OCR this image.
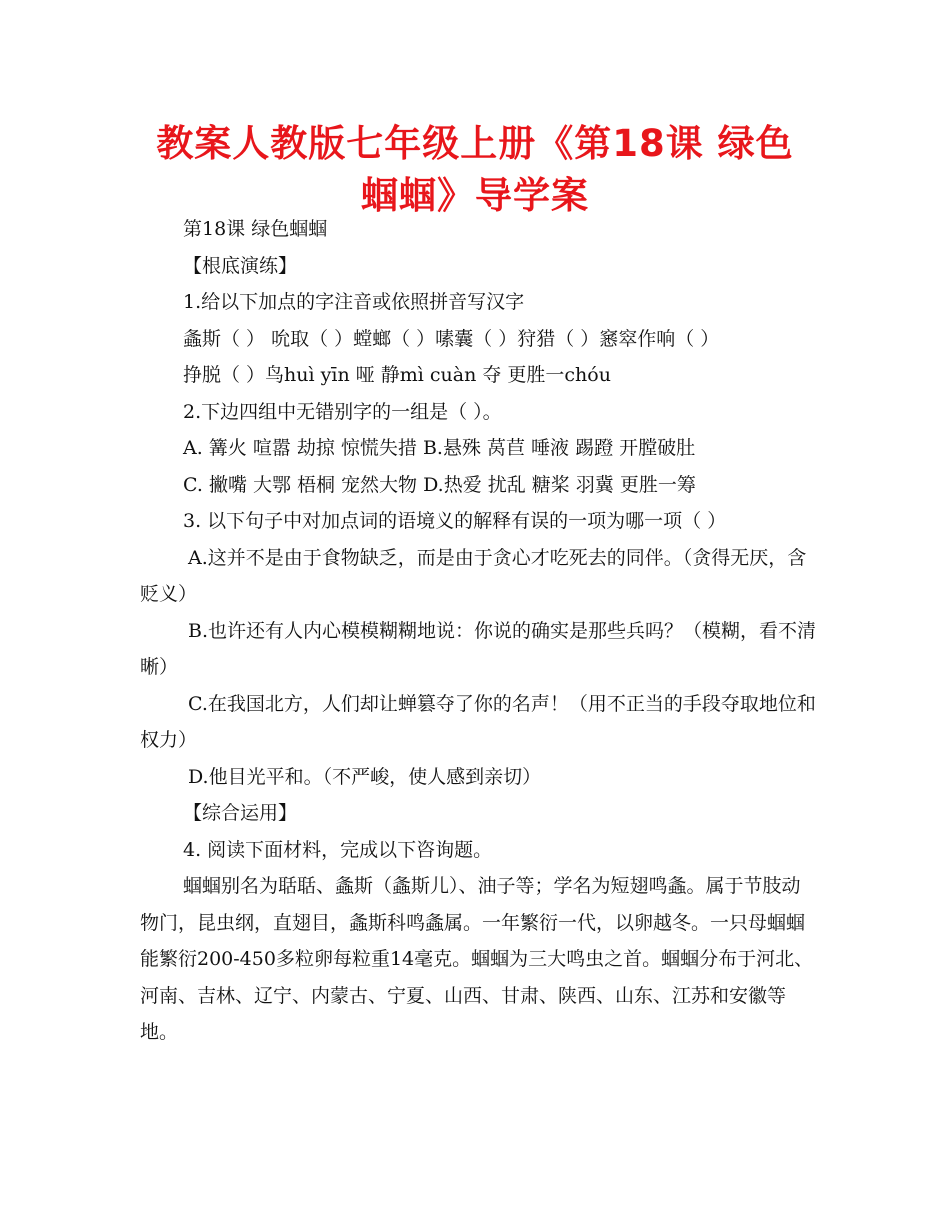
教案人教版七年级上册《第18课 绿色蝈蝈》导学案

第18课 绿色蝈蝈

【根底演练】

1.给以下加点的字注音或依照拼音写汉字

螽斯（ ） 吮取（ ）螳螂（ ）嗉囊（ ）狩猎（ ）窸窣作响（ ）

挣脱（ ）鸟huì yīn 哑 静mì cuàn 夺 更胜一chóu

2.下边四组中无错别字的一组是（ ）。

A. 篝火 喧嚣 劫掠 惊慌失措 B.悬殊 莴苣 唾液 踢蹬 开膛破肚

C. 撇嘴 大鄂 梧桐 宠然大物 D.热爱 扰乱 糖桨 羽冀 更胜一筹

3. 以下句子中对加点词的语境义的解释有误的一项为哪一项（ ）

A.这并不是由于食物缺乏，而是由于贪心才吃死去的同伴。（贪得无厌，含贬义）

B.也许还有人内心模模糊糊地说：你说的确实是那些兵吗？（模糊，看不清晰）

C.在我国北方，人们却让蝉篡夺了你的名声！（用不正当的手段夺取地位和权力）

D.他目光平和。（不严峻，使人感到亲切）

【综合运用】

4. 阅读下面材料，完成以下咨询题。

蝈蝈别名为聒聒、螽斯（螽斯儿）、油子等；学名为短翅鸣螽。属于节肢动物门，昆虫纲，直翅目，螽斯科鸣螽属。一年繁衍一代，以卵越冬。一只母蝈蝈能繁衍200-450多粒卵每粒重14毫克。蝈蝈为三大鸣虫之首。蝈蝈分布于河北、河南、吉林、辽宁、内蒙古、宁夏、山西、甘肃、陕西、山东、江苏和安徽等地。
